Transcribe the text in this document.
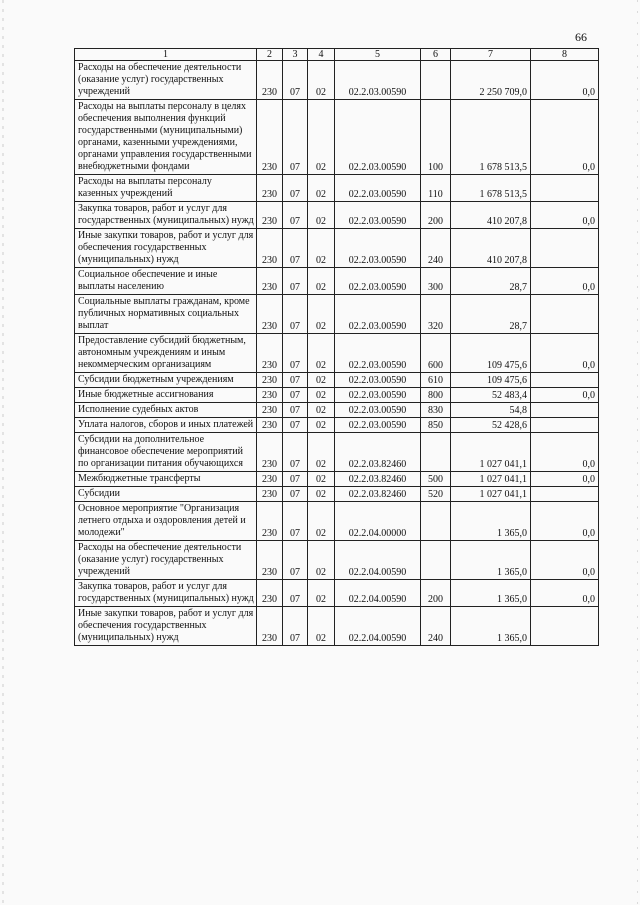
66
1	2	3	4	5	6	7	8
Расходы на обеспечение деятельности (оказание услуг) государственных учреждений	230	07	02	02.2.03.00590		2 250 709,0	0,0
Расходы на выплаты персоналу в целях обеспечения выполнения функций государственными (муниципальными) органами, казенными учреждениями, органами управления государственными внебюджетными фондами	230	07	02	02.2.03.00590	100	1 678 513,5	0,0
Расходы на выплаты персоналу казенных учреждений	230	07	02	02.2.03.00590	110	1 678 513,5	
Закупка товаров, работ и услуг для государственных (муниципальных) нужд	230	07	02	02.2.03.00590	200	410 207,8	0,0
Иные закупки товаров, работ и услуг для обеспечения государственных (муниципальных) нужд	230	07	02	02.2.03.00590	240	410 207,8	
Социальное обеспечение и иные выплаты населению	230	07	02	02.2.03.00590	300	28,7	0,0
Социальные выплаты гражданам, кроме публичных нормативных социальных выплат	230	07	02	02.2.03.00590	320	28,7	
Предоставление субсидий бюджетным, автономным учреждениям и иным некоммерческим организациям	230	07	02	02.2.03.00590	600	109 475,6	0,0
Субсидии бюджетным учреждениям	230	07	02	02.2.03.00590	610	109 475,6	
Иные бюджетные ассигнования	230	07	02	02.2.03.00590	800	52 483,4	0,0
Исполнение судебных актов	230	07	02	02.2.03.00590	830	54,8	
Уплата налогов, сборов и иных платежей	230	07	02	02.2.03.00590	850	52 428,6	
Субсидии на дополнительное финансовое обеспечение мероприятий по организации питания обучающихся	230	07	02	02.2.03.82460		1 027 041,1	0,0
Межбюджетные трансферты	230	07	02	02.2.03.82460	500	1 027 041,1	0,0
Субсидии	230	07	02	02.2.03.82460	520	1 027 041,1	
Основное мероприятие "Организация летнего отдыха и оздоровления детей и молодежи"	230	07	02	02.2.04.00000		1 365,0	0,0
Расходы на обеспечение деятельности (оказание услуг) государственных учреждений	230	07	02	02.2.04.00590		1 365,0	0,0
Закупка товаров, работ и услуг для государственных (муниципальных) нужд	230	07	02	02.2.04.00590	200	1 365,0	0,0
Иные закупки товаров, работ и услуг для обеспечения государственных (муниципальных) нужд	230	07	02	02.2.04.00590	240	1 365,0	
